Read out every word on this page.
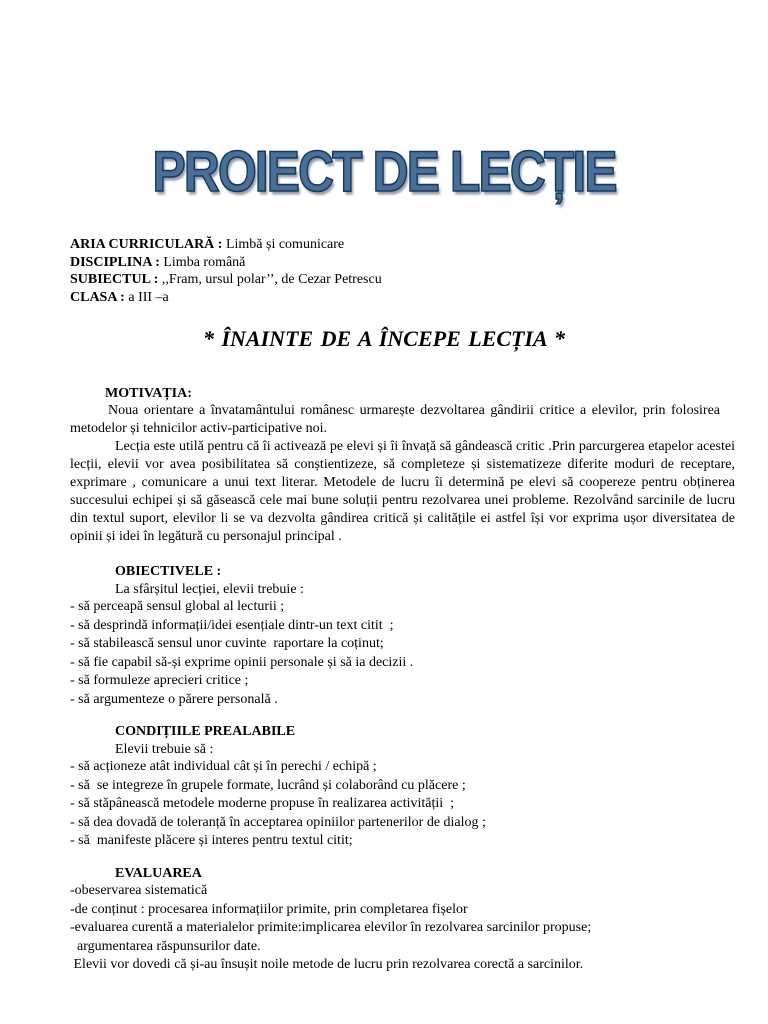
PROIECT DE LECȚIE
ARIA CURRICULARĂ : Limbă și comunicare
DISCIPLINA : Limba română
SUBIECTUL : ,,Fram, ursul polar’’, de Cezar Petrescu
CLASA : a III –a
* ÎNAINTE DE A ÎNCEPE LECȚIA *
MOTIVAȚIA:
Noua orientare a învatamântului românesc urmarește dezvoltarea gândirii critice a elevilor, prin folosirea metodelor și tehnicilor activ-participative noi.
Lecția este utilă pentru că îi activează pe elevi și îi învață să gândească critic .Prin parcurgerea etapelor acestei lecții, elevii vor avea posibilitatea să conștientizeze, să completeze și sistematizeze diferite moduri de receptare, exprimare , comunicare a unui text literar. Metodele de lucru îi determină pe elevi să coopereze pentru obținerea succesului echipei și să găsească cele mai bune soluții pentru rezolvarea unei probleme. Rezolvând sarcinile de lucru din textul suport, elevilor li se va dezvolta gândirea critică și calitățile ei astfel își vor exprima ușor diversitatea de opinii și idei în legătură cu personajul principal .
OBIECTIVELE :
La sfârșitul lecției, elevii trebuie :
- să perceapă sensul global al lecturii ;
- să desprindă informații/idei esențiale dintr-un text citit  ;
- să stabilească sensul unor cuvinte  raportare la coținut;
- să fie capabil să-și exprime opinii personale și să ia decizii .
- să formuleze aprecieri critice ;
- să argumenteze o părere personală .
CONDIȚIILE PREALABILE
Elevii trebuie să :
- să acționeze atât individual cât și în perechi / echipă ;
- să  se integreze în grupele formate, lucrând și colaborând cu plăcere ;
- să stăpânească metodele moderne propuse în realizarea activității  ;
- să dea dovadă de toleranță în acceptarea opiniilor partenerilor de dialog ;
- să  manifeste plăcere și interes pentru textul citit;
EVALUAREA
-obeservarea sistematică
-de conținut : procesarea informațiilor primite, prin completarea fișelor
-evaluarea curentă a materialelor primite:implicarea elevilor în rezolvarea sarcinilor propuse;
argumentarea răspunsurilor date.
Elevii vor dovedi că și-au însușit noile metode de lucru prin rezolvarea corectă a sarcinilor.
